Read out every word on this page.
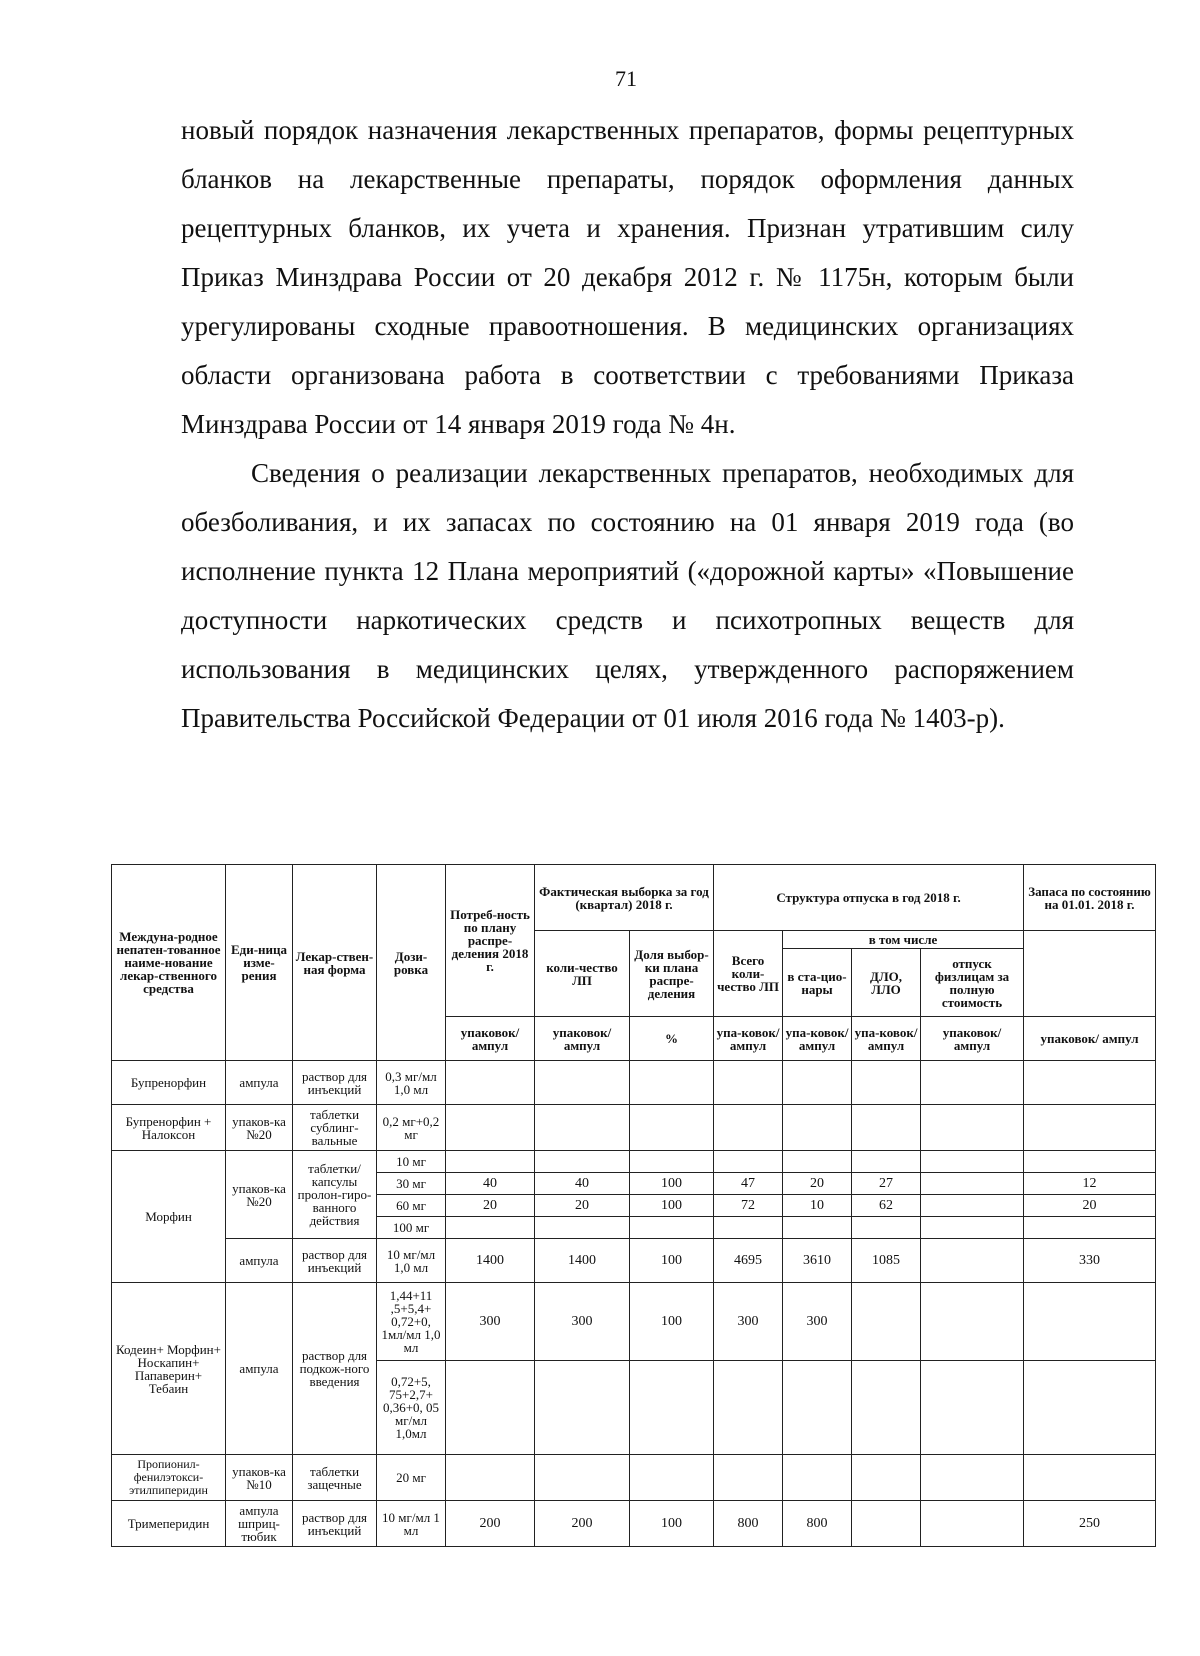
71

новый порядок назначения лекарственных препаратов, формы рецептурных бланков на лекарственные препараты, порядок оформления данных рецептурных бланков, их учета и хранения. Признан утратившим силу Приказ Минздрава России от 20 декабря 2012 г. № 1175н, которым были урегулированы сходные правоотношения. В медицинских организациях области организована работа в соответствии с требованиями Приказа Минздрава России от 14 января 2019 года № 4н.

Сведения о реализации лекарственных препаратов, необходимых для обезболивания, и их запасах по состоянию на 01 января 2019 года (во исполнение пункта 12 Плана мероприятий («дорожной карты» «Повышение доступности наркотических средств и психотропных веществ для использования в медицинских целях, утвержденного распоряжением Правительства Российской Федерации от 01 июля 2016 года № 1403-р).

Междуна-родное непатен-тованное наиме-нование лекар-ственного средства	Еди-ница изме-рения	Лекар-ствен-ная форма	Дози-ровка	Потреб-ность по плану распре-деления 2018 г.	Фактическая выборка за год (квартал) 2018 г.		Структура отпуска в год 2018 г.				Запаса по состоянию на 01.01. 2018 г.
					коли-чество ЛП	Доля выбор-ки плана распре-деления	Всего коли-чество ЛП	в том числе			
								в ста-цио-нары	ДЛО, ЛЛО	отпуск физлицам за полную стоимость	
				упаковок/ ампул	упаковок/ ампул	%	упа-ковок/ ампул	упа-ковок/ ампул	упа-ковок/ ампул	упаковок/ ампул	упаковок/ ампул
Бупренорфин	ампула	раствор для инъекций	0,3 мг/мл 1,0 мл								
Бупренорфин + Налоксон	упаков-ка №20	таблетки сублинг-вальные	0,2 мг+0,2 мг								
Морфин	упаков-ка №20	таблетки/ капсулы пролон-гиро-ванного действия	10 мг								
			30 мг	40	40	100	47	20	27		12
			60 мг	20	20	100	72	10	62		20
			100 мг								
	ампула	раствор для инъекций	10 мг/мл 1,0 мл	1400	1400	100	4695	3610	1085		330
Кодеин+ Морфин+ Носкапин+ Папаверин+ Тебаин	ампула	раствор для подкож-ного введения	1,44+11 ,5+5,4+ 0,72+0, 1мл/мл 1,0 мл	300	300	100	300	300			
			0,72+5, 75+2,7+ 0,36+0, 05 мг/мл 1,0мл								
Пропионил-фенилэтокси-этилпиперидин	упаков-ка №10	таблетки защечные	20 мг								
Тримеперидин	ампула шприц-тюбик	раствор для инъекций	10 мг/мл 1 мл	200	200	100	800	800			250
